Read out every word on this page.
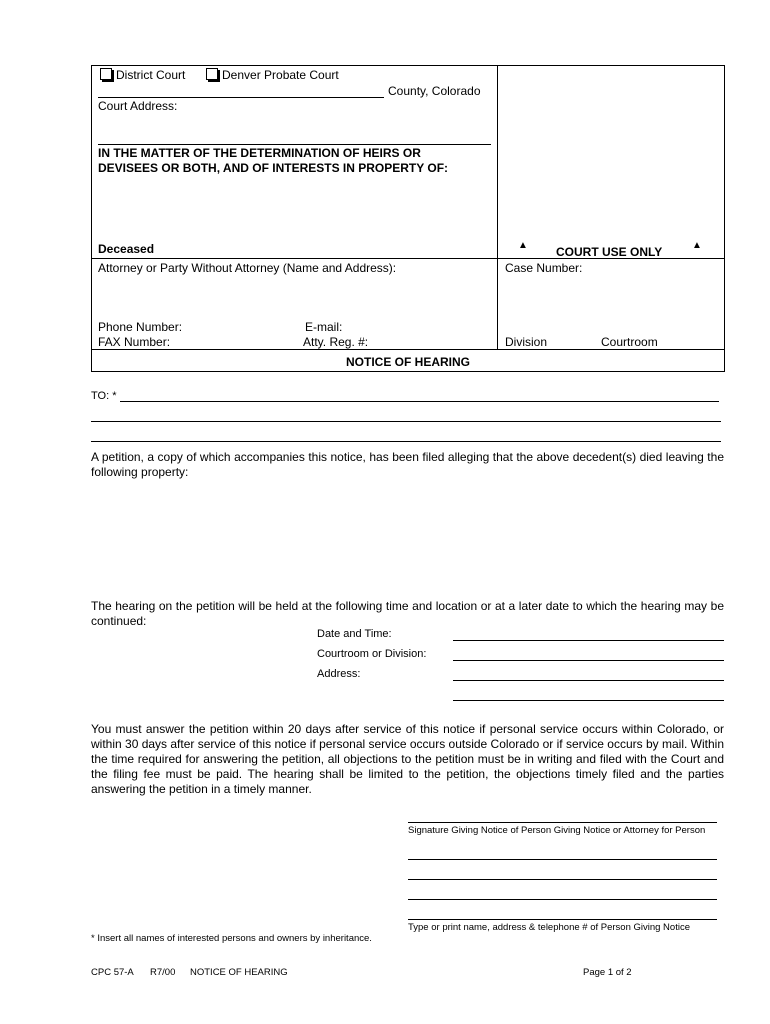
District Court	Denver Probate Court
County, Colorado
Court Address:
IN THE MATTER OF THE DETERMINATION OF HEIRS OR
DEVISEES OR BOTH, AND OF INTERESTS IN PROPERTY OF:
Deceased	▲ COURT USE ONLY	▲
Attorney or Party Without Attorney (Name and Address):	Case Number:
Phone Number:	E-mail:
FAX Number:	Atty. Reg. #:	Division	Courtroom
NOTICE OF HEARING
TO: *
A petition, a copy of which accompanies this notice, has been filed alleging that the above decedent(s) died leaving the following property:
The hearing on the petition will be held at the following time and location or at a later date to which the hearing may be continued:
Date and Time:
Courtroom or Division:
Address:
You must answer the petition within 20 days after service of this notice if personal service occurs within Colorado, or within 30 days after service of this notice if personal service occurs outside Colorado or if service occurs by mail. Within the time required for answering the petition, all objections to the petition must be in writing and filed with the Court and the filing fee must be paid. The hearing shall be limited to the petition, the objections timely filed and the parties answering the petition in a timely manner.
Signature Giving Notice of Person Giving Notice or Attorney for Person
Type or print name, address & telephone # of Person Giving Notice
* Insert all names of interested persons and owners by inheritance.
CPC 57-A R7/00 NOTICE OF HEARING	Page 1 of 2
